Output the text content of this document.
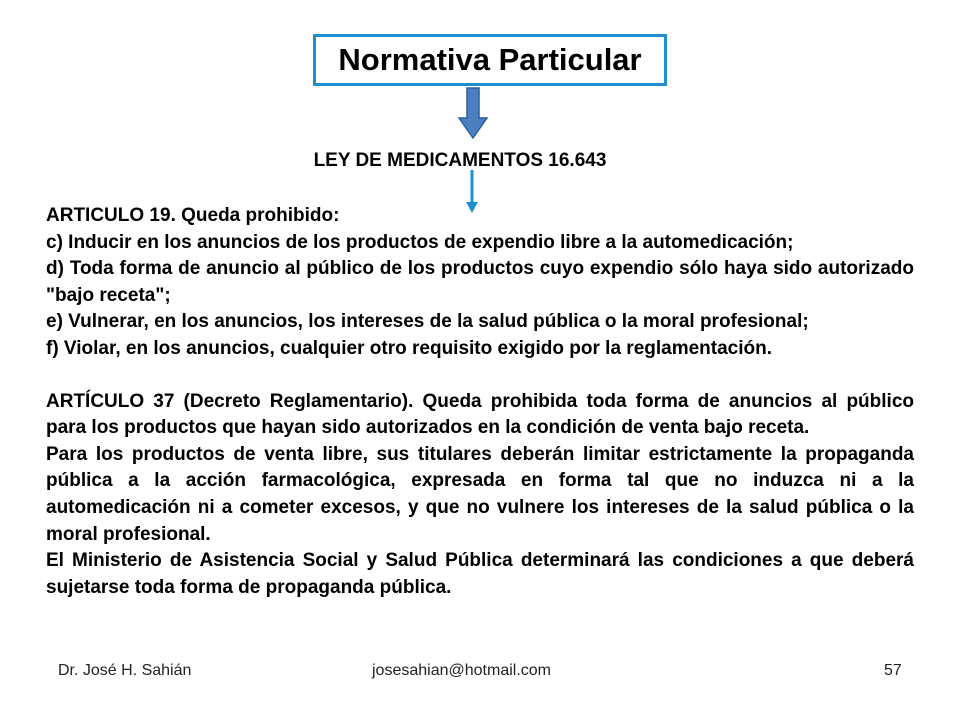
Normativa Particular
LEY DE MEDICAMENTOS 16.643

ARTICULO 19. Queda prohibido:

c) Inducir en los anuncios de los productos de expendio libre a la automedicación;

d) Toda forma de anuncio al público de los productos cuyo expendio sólo haya sido autorizado "bajo receta";

e) Vulnerar, en los anuncios, los intereses de la salud pública o la moral profesional;

f) Violar, en los anuncios, cualquier otro requisito exigido por la reglamentación.

ARTÍCULO 37 (Decreto Reglamentario). Queda prohibida toda forma de anuncios al público para los productos que hayan sido autorizados en la condición de venta bajo receta.

Para los productos de venta libre, sus titulares deberán limitar estrictamente la propaganda pública a la acción farmacológica, expresada en forma tal que no induzca ni a la automedicación ni a cometer excesos, y que no vulnere los intereses de la salud pública o la moral profesional.

El Ministerio de Asistencia Social y Salud Pública determinará las condiciones a que deberá sujetarse toda forma de propaganda pública.

Dr. José H. Sahián	josesahian@hotmail.com	57
